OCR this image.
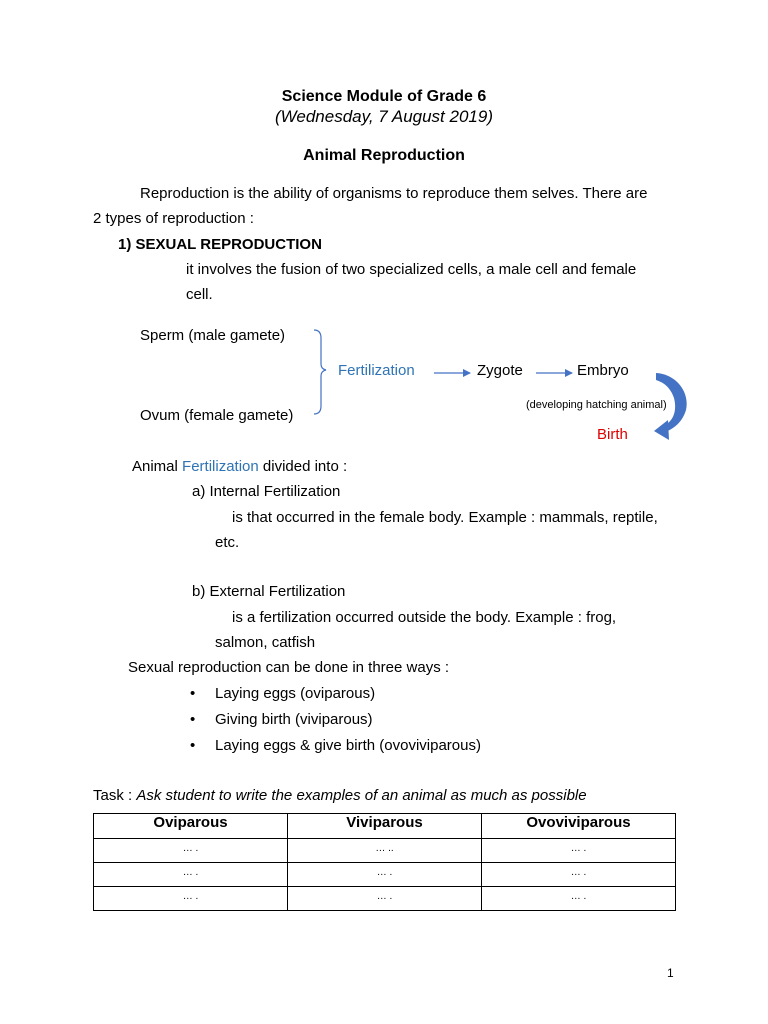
Science Module of Grade 6
(Wednesday, 7 August 2019)
Animal Reproduction
Reproduction is the ability of organisms to reproduce them selves. There are
2 types of reproduction :
1) SEXUAL REPRODUCTION
it involves the fusion of two specialized cells, a male cell and female
cell.
Sperm (male gamete)
Ovum (female gamete)
Fertilization	Zygote	Embryo
(developing hatching animal)
Birth
Animal Fertilization divided into :
a) Internal Fertilization
is that occurred in the female body. Example : mammals, reptile,
etc.
b) External Fertilization
is a fertilization occurred outside the body. Example : frog,
salmon, catfish
Sexual reproduction can be done in three ways :
• Laying eggs (oviparous)
• Giving birth (viviparous)
• Laying eggs & give birth (ovoviviparous)
Task : Ask student to write the examples of an animal as much as possible
Oviparous	Viviparous	Ovoviviparous
… .	… ..	… .
… .	… .	… .
… .	… .	… .
1
